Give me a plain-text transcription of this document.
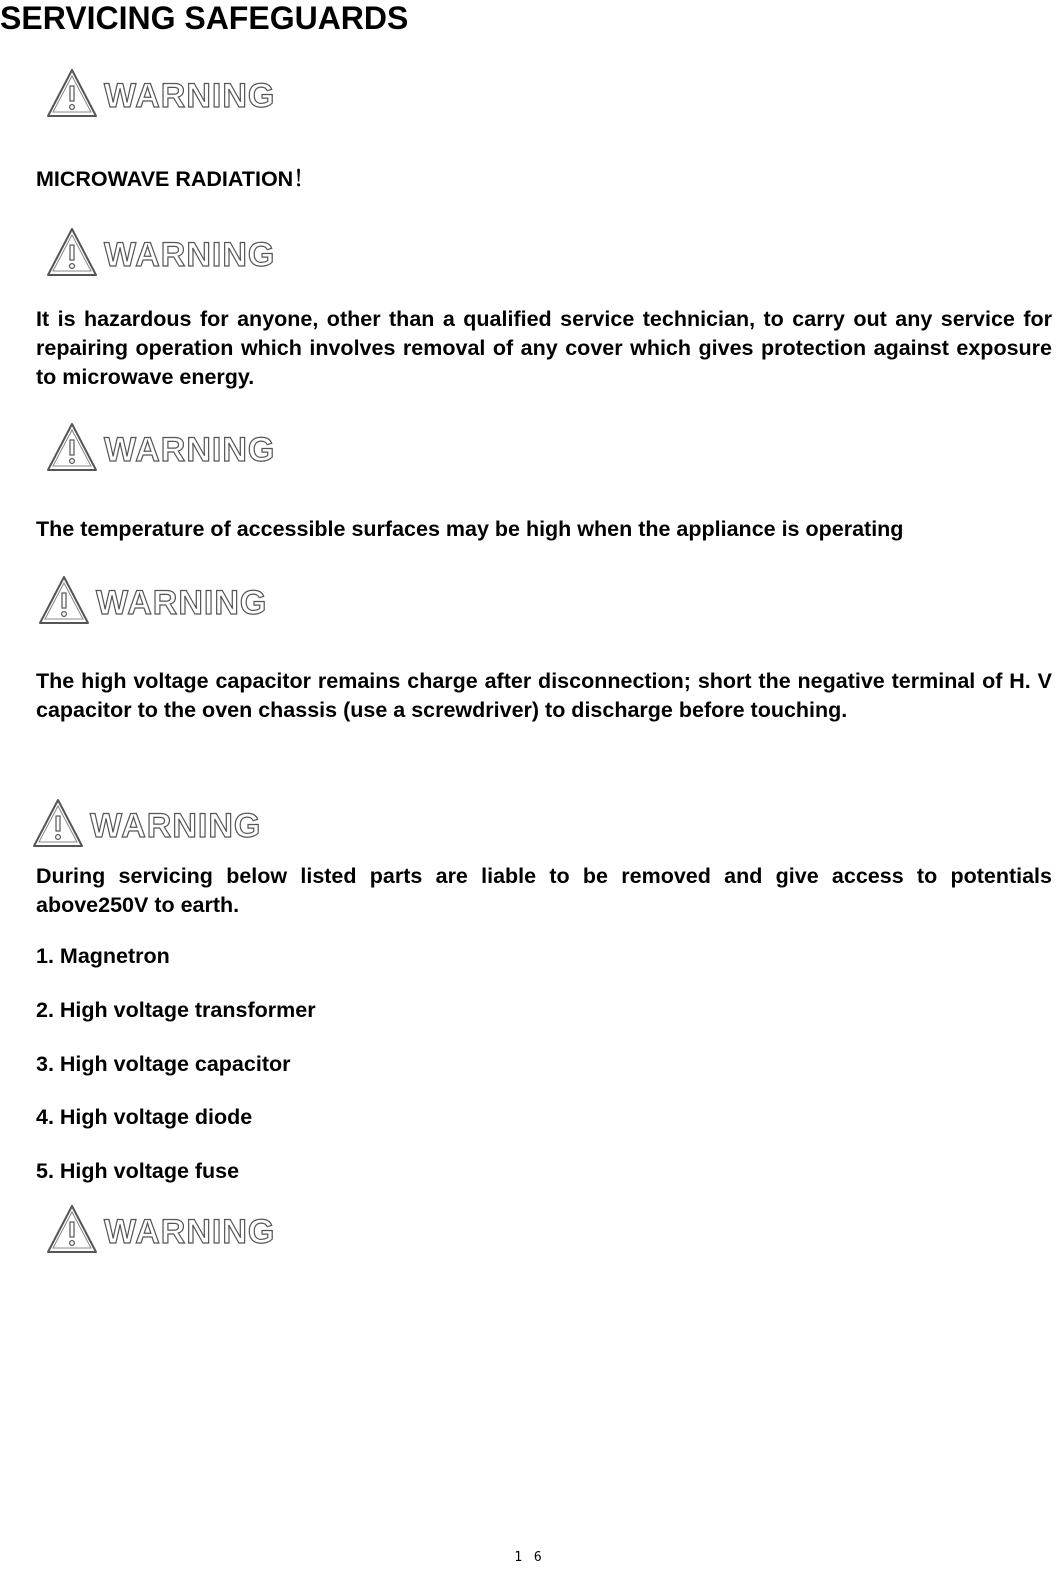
SERVICING SAFEGUARDS
WARNING
MICROWAVE RADIATION！
WARNING

It is hazardous for anyone, other than a qualified service technician, to carry out any service for repairing operation which involves removal of any cover which gives protection against exposure to microwave energy.

WARNING
The temperature of accessible surfaces may be high when the appliance is operating
WARNING

The high voltage capacitor remains charge after disconnection; short the negative terminal of H. V capacitor to the oven chassis (use a screwdriver) to discharge before touching.

WARNING

During servicing below listed parts are liable to be removed and give access to potentials above250V to earth.

1. Magnetron
2. High voltage transformer
3. High voltage capacitor
4. High voltage diode
5. High voltage fuse
WARNING
1 6
